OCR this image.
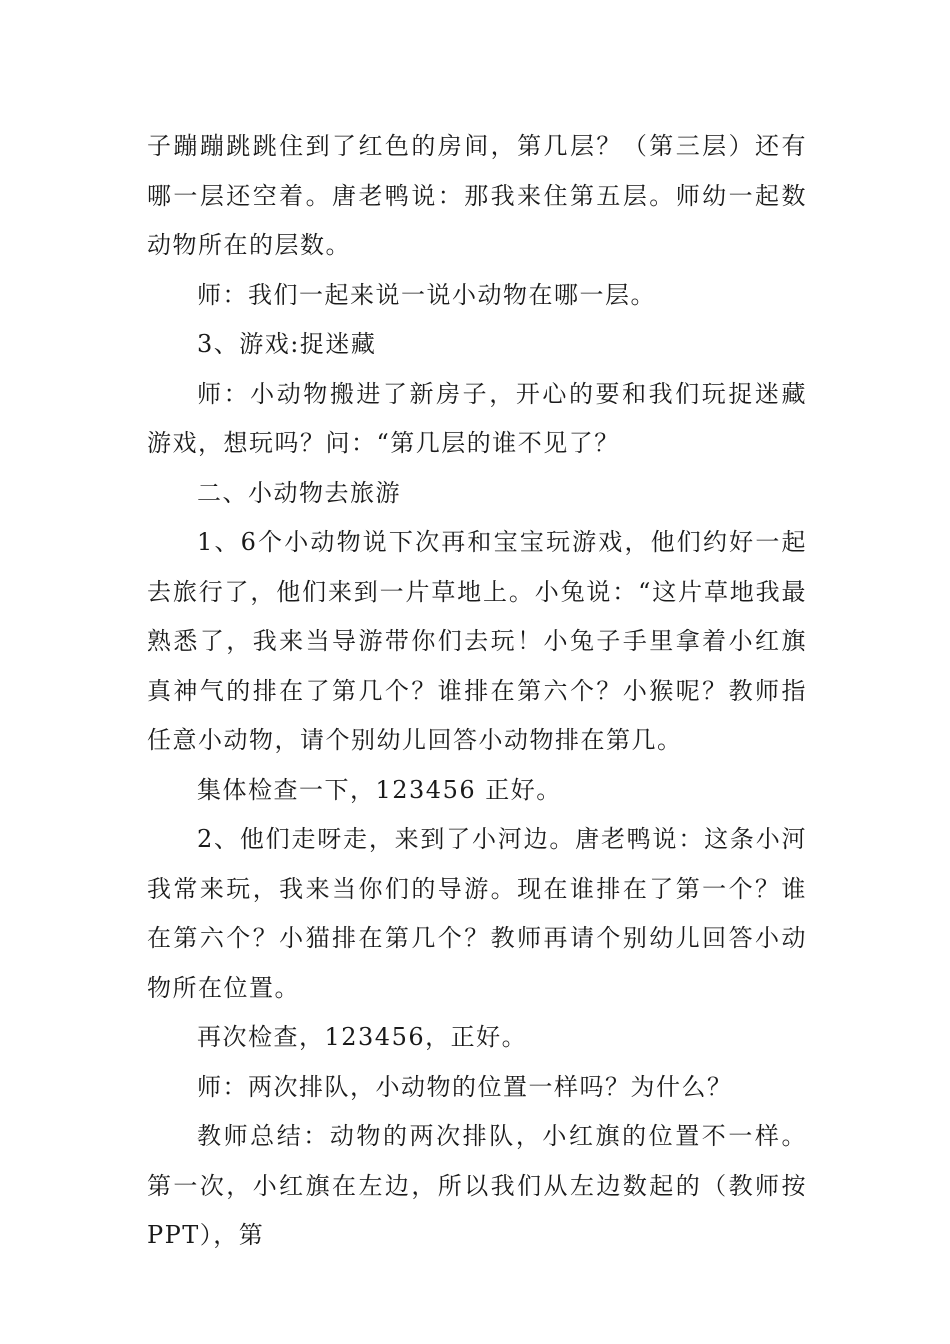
子蹦蹦跳跳住到了红色的房间，第几层？（第三层）还有哪一层还空着。唐老鸭说：那我来住第五层。师幼一起数动物所在的层数。

师：我们一起来说一说小动物在哪一层。

3、游戏:捉迷藏

师：小动物搬进了新房子，开心的要和我们玩捉迷藏游戏，想玩吗？问：“第几层的谁不见了？

二、小动物去旅游

1、6个小动物说下次再和宝宝玩游戏，他们约好一起去旅行了，他们来到一片草地上。小兔说：“这片草地我最熟悉了，我来当导游带你们去玩！小兔子手里拿着小红旗真神气的排在了第几个？谁排在第六个？小猴呢？教师指任意小动物，请个别幼儿回答小动物排在第几。

集体检查一下，123456 正好。

2、他们走呀走，来到了小河边。唐老鸭说：这条小河我常来玩，我来当你们的导游。现在谁排在了第一个？谁在第六个？小猫排在第几个？教师再请个别幼儿回答小动物所在位置。

再次检查，123456，正好。

师：两次排队，小动物的位置一样吗？为什么？

教师总结：动物的两次排队，小红旗的位置不一样。第一次，小红旗在左边，所以我们从左边数起的（教师按PPT），第
